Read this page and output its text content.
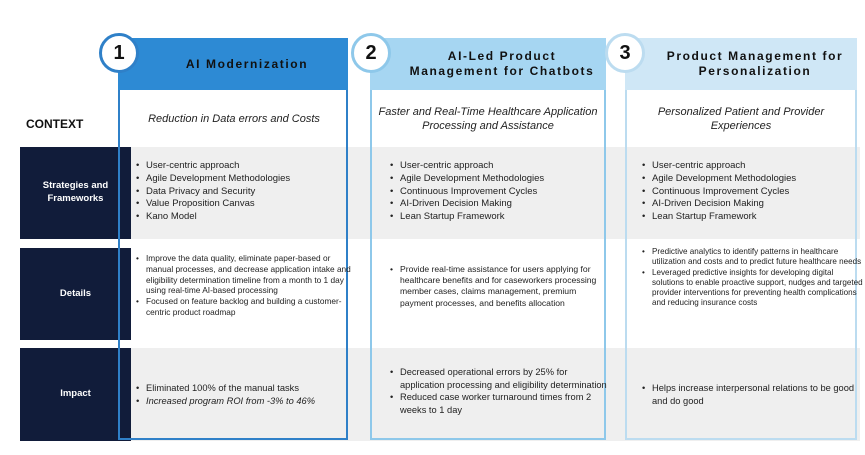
CONTEXT
Strategies and Frameworks
Details
Impact
AI Modernization
AI-Led Product Management for Chatbots
Product Management for Personalization
1	2	3
Reduction in Data errors and Costs
Faster and Real-Time Healthcare Application Processing and Assistance
Personalized Patient and Provider Experiences
• User-centric approach
• Agile Development Methodologies
• Data Privacy and Security
• Value Proposition Canvas
• Kano Model
• Improve the data quality, eliminate paper-based or manual processes, and decrease application intake and eligibility determination timeline from a month to 1 day using real-time AI-based processing
• Focused on feature backlog and building a customer-centric product roadmap
• Eliminated 100% of the manual tasks
• Increased program ROI from -3% to 46%
• User-centric approach
• Agile Development Methodologies
• Continuous Improvement Cycles
• AI-Driven Decision Making
• Lean Startup Framework
• Provide real-time assistance for users applying for healthcare benefits and for caseworkers processing member cases, claims management, premium payment processes, and benefits allocation
• Decreased operational errors by 25% for application processing and eligibility determination
• Reduced case worker turnaround times from 2 weeks to 1 day
• User-centric approach
• Agile Development Methodologies
• Continuous Improvement Cycles
• AI-Driven Decision Making
• Lean Startup Framework
• Predictive analytics to identify patterns in healthcare utilization and costs and to predict future healthcare needs
• Leveraged predictive insights for developing digital solutions to enable proactive support, nudges and targeted provider interventions for preventing health complications and reducing insurance costs
• Helps increase interpersonal relations to be good and do good
